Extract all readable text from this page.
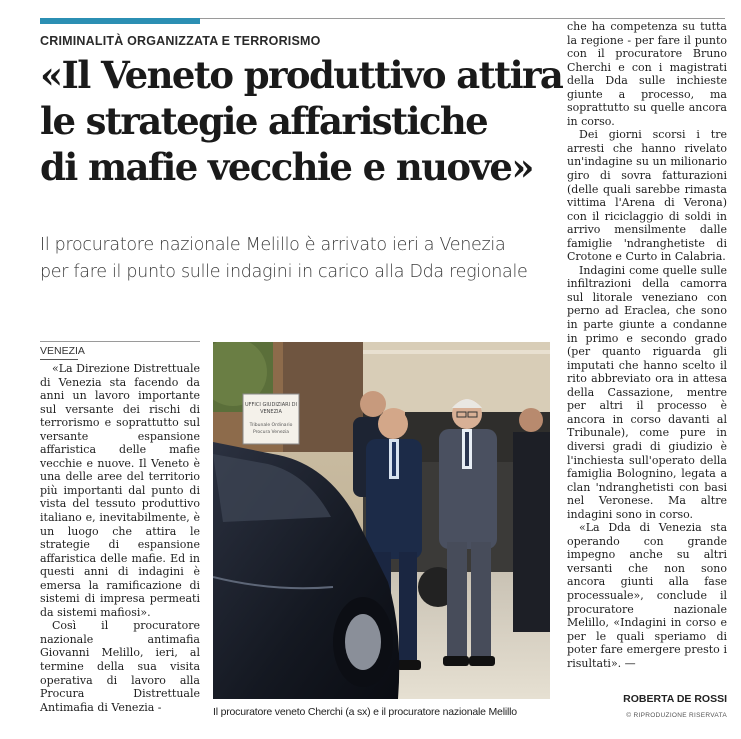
CRIMINALITÀ ORGANIZZATA E TERRORISMO
«Il Veneto produttivo attira
le strategie affaristiche
di mafie vecchie e nuove»
Il procuratore nazionale Melillo è arrivato ieri a Venezia
per fare il punto sulle indagini in carico alla Dda regionale
VENEZIA

«La Direzione Distrettuale di Venezia sta facendo da anni un lavoro importante sul versante dei rischi di terrorismo e soprattutto sul versante espansione affaristica delle mafie vecchie e nuove. Il Veneto è una delle aree del territorio più importanti dal punto di vista del tessuto produttivo italiano e, inevitabilmente, è un luogo che attira le strategie di espansione affaristica delle mafie. Ed in questi anni di indagini è emersa la ramificazione di sistemi di impresa permeati da sistemi mafiosi».

Così il procuratore nazionale antimafia Giovanni Melillo, ieri, al termine della sua visita operativa di lavoro alla Procura Distrettuale Antimafia di Venezia -

UFFICI GIUDIZIARI DI
VENEZIA
Tribunale Ordinario
Procura Venezia
Il procuratore veneto Cherchi (a sx) e il procuratore nazionale Melillo

che ha competenza su tutta la regione - per fare il punto con il procuratore Bruno Cherchi e con i magistrati della Dda sulle inchieste giunte a processo, ma soprattutto su quelle ancora in corso.

Dei giorni scorsi i tre arresti che hanno rivelato un'indagine su un milionario giro di sovra fatturazioni (delle quali sarebbe rimasta vittima l'Arena di Verona) con il riciclaggio di soldi in arrivo mensilmente dalle famiglie 'ndranghetiste di Crotone e Curto in Calabria.

Indagini come quelle sulle infiltrazioni della camorra sul litorale veneziano con perno ad Eraclea, che sono in parte giunte a condanne in primo e secondo grado (per quanto riguarda gli imputati che hanno scelto il rito abbreviato ora in attesa della Cassazione, mentre per altri il processo è ancora in corso davanti al Tribunale), come pure in diversi gradi di giudizio è l'inchiesta sull'operato della famiglia Bolognino, legata a clan 'ndranghetisti con basi nel Veronese. Ma altre indagini sono in corso.

«La Dda di Venezia sta operando con grande impegno anche su altri versanti che non sono ancora giunti alla fase processuale», conclude il procuratore nazionale Melillo, «Indagini in corso e per le quali speriamo di poter fare emergere presto i risultati». —

ROBERTA DE ROSSI
© RIPRODUZIONE RISERVATA
